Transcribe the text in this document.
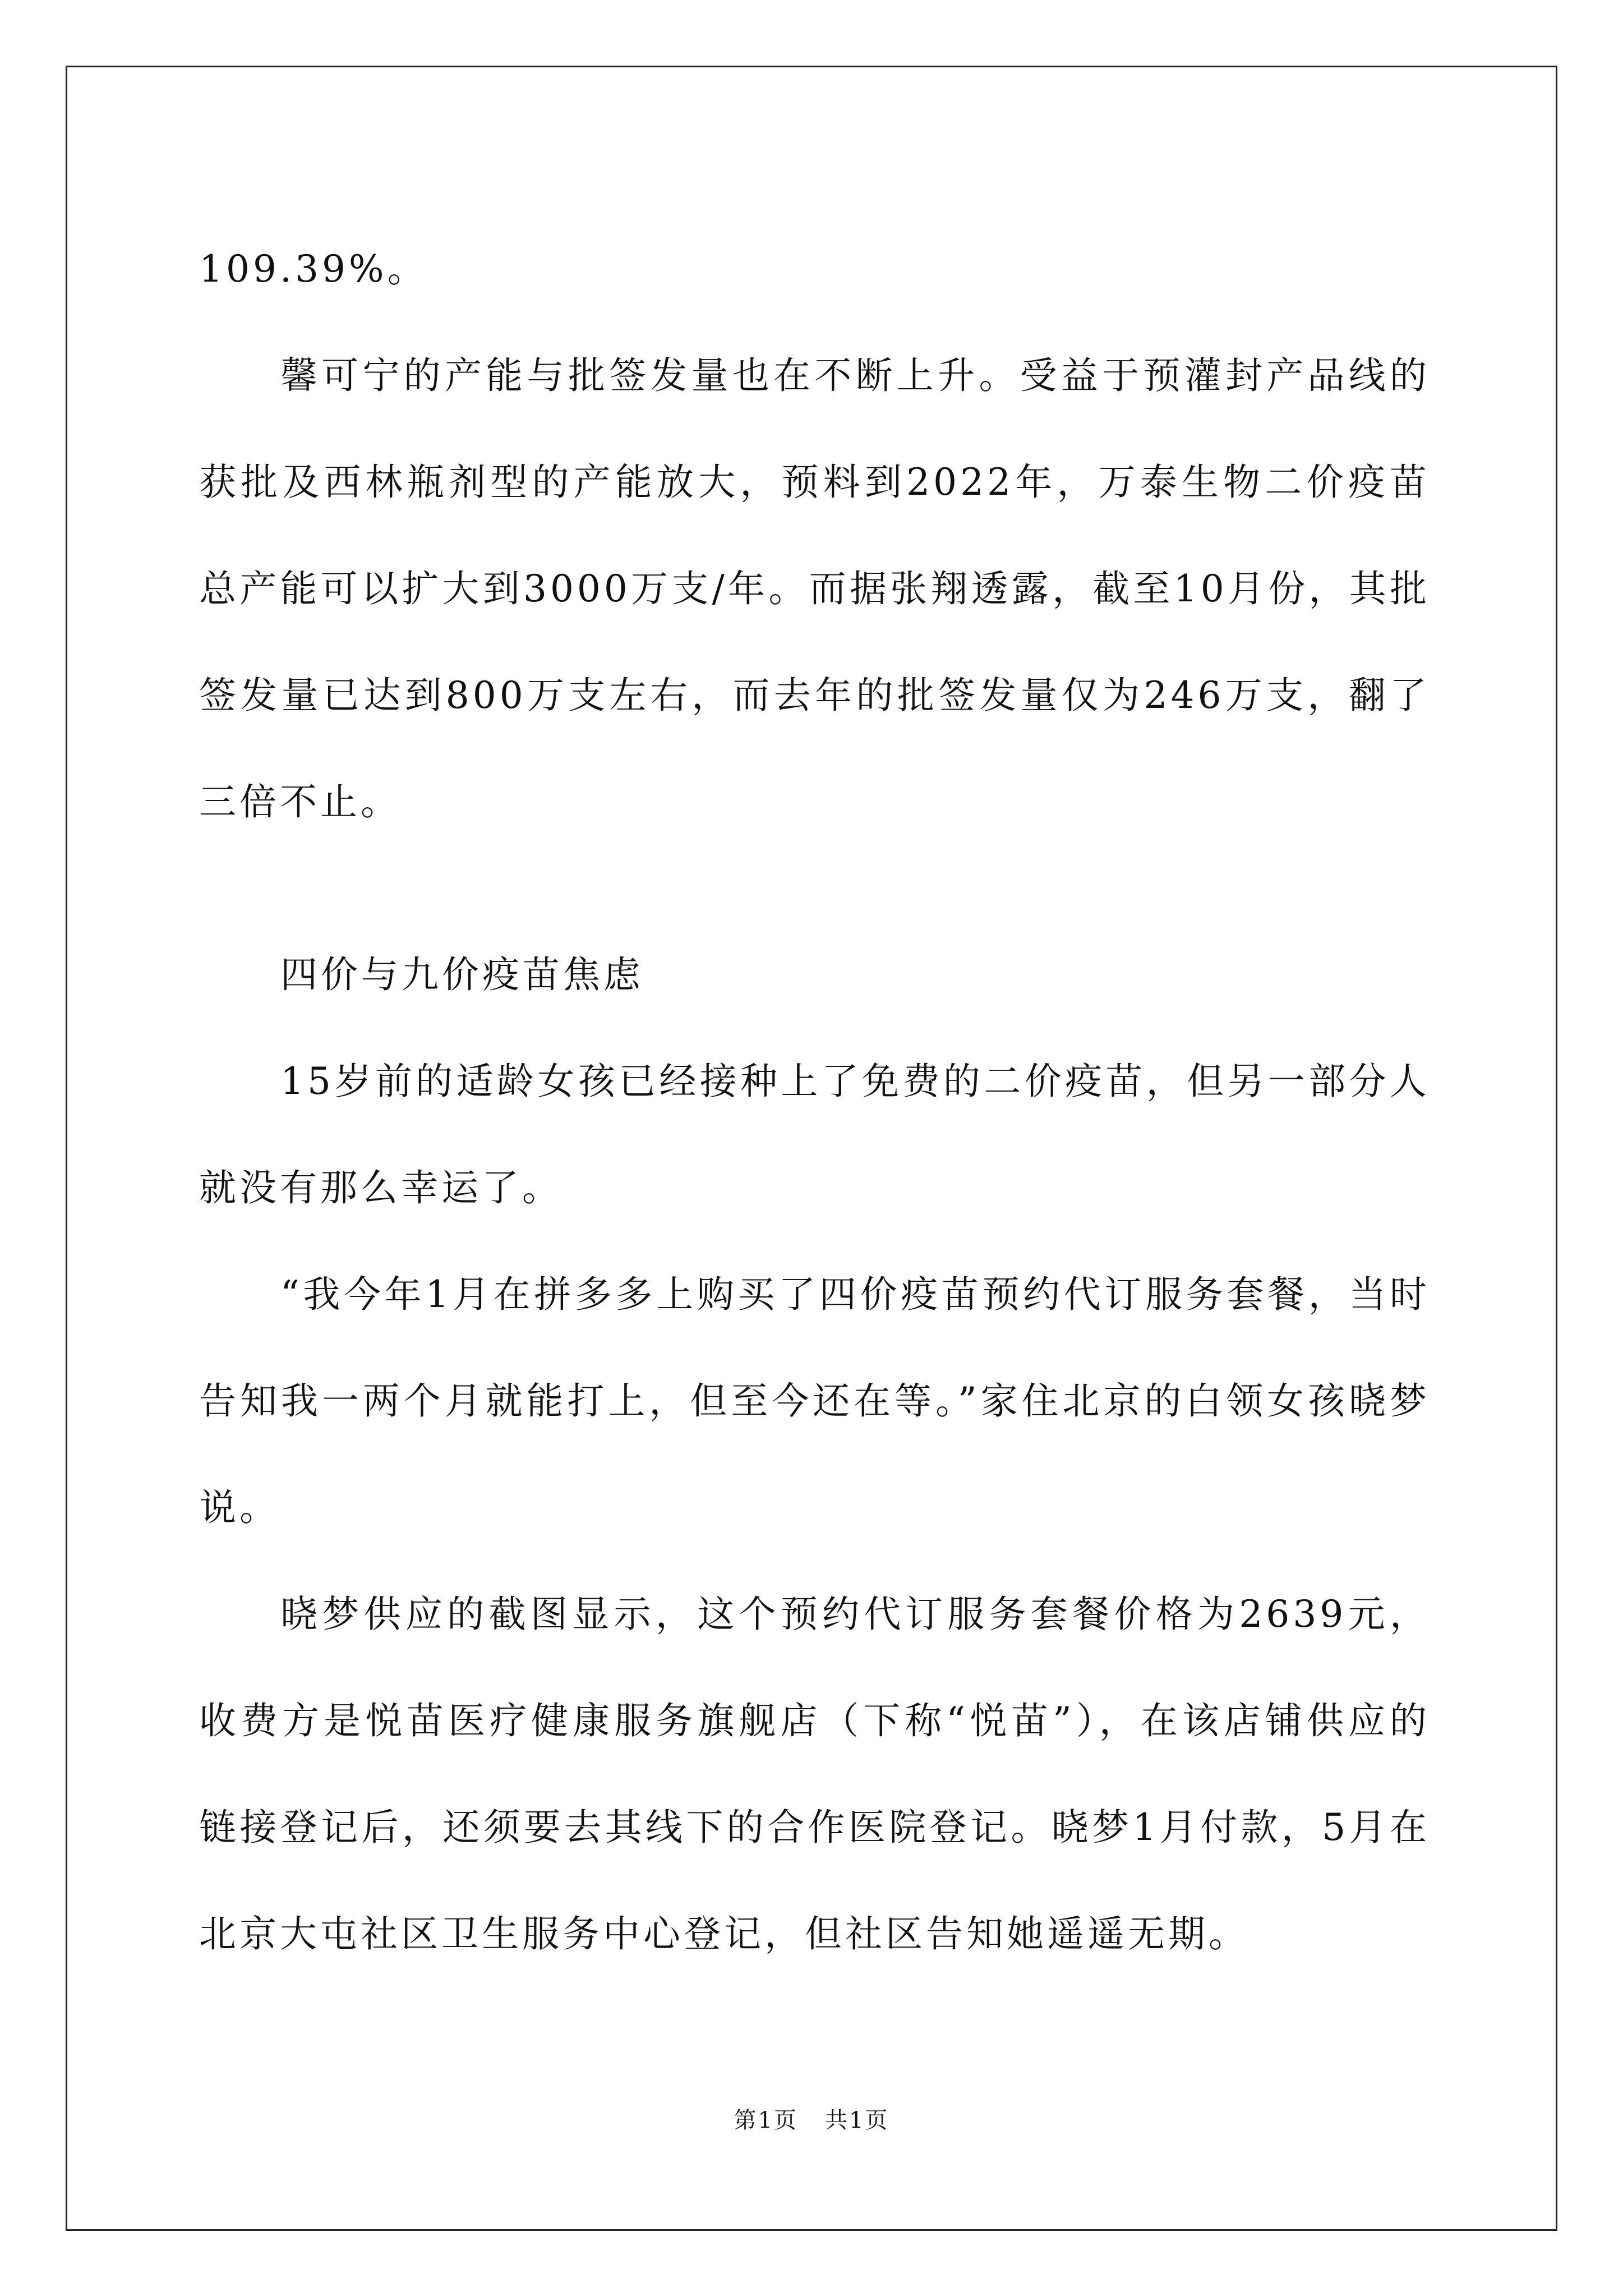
109.39%。

馨可宁的产能与批签发量也在不断上升。受益于预灌封产品线的获批及西林瓶剂型的产能放大，预料到2022年，万泰生物二价疫苗总产能可以扩大到3000万支/年。而据张翔透露，截至10月份，其批签发量已达到800万支左右，而去年的批签发量仅为246万支，翻了三倍不止。

四价与九价疫苗焦虑

15岁前的适龄女孩已经接种上了免费的二价疫苗，但另一部分人就没有那么幸运了。

“我今年1月在拼多多上购买了四价疫苗预约代订服务套餐，当时告知我一两个月就能打上，但至今还在等。”家住北京的白领女孩晓梦说。

晓梦供应的截图显示，这个预约代订服务套餐价格为2639元，收费方是悦苗医疗健康服务旗舰店（下称“悦苗”），在该店铺供应的链接登记后，还须要去其线下的合作医院登记。晓梦1月付款，5月在北京大屯社区卫生服务中心登记，但社区告知她遥遥无期。

第1页 共1页
